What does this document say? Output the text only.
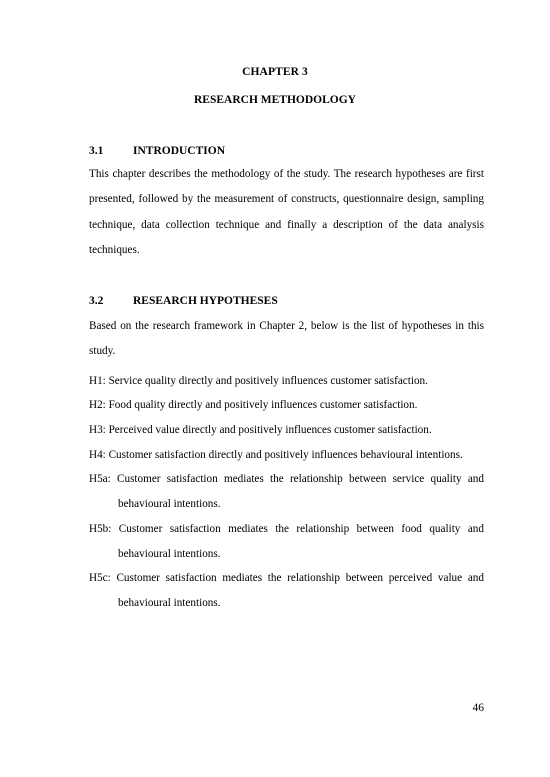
CHAPTER 3
RESEARCH METHODOLOGY
3.1	INTRODUCTION

This chapter describes the methodology of the study. The research hypotheses are first presented, followed by the measurement of constructs, questionnaire design, sampling technique, data collection technique and finally a description of the data analysis techniques.

3.2	RESEARCH HYPOTHESES

Based on the research framework in Chapter 2, below is the list of hypotheses in this study.

H1: Service quality directly and positively influences customer satisfaction.

H2: Food quality directly and positively influences customer satisfaction.

H3: Perceived value directly and positively influences customer satisfaction.

H4: Customer satisfaction directly and positively influences behavioural intentions.

H5a: Customer satisfaction mediates the relationship between service quality and behavioural intentions.

H5b: Customer satisfaction mediates the relationship between food quality and behavioural intentions.

H5c: Customer satisfaction mediates the relationship between perceived value and behavioural intentions.

46
